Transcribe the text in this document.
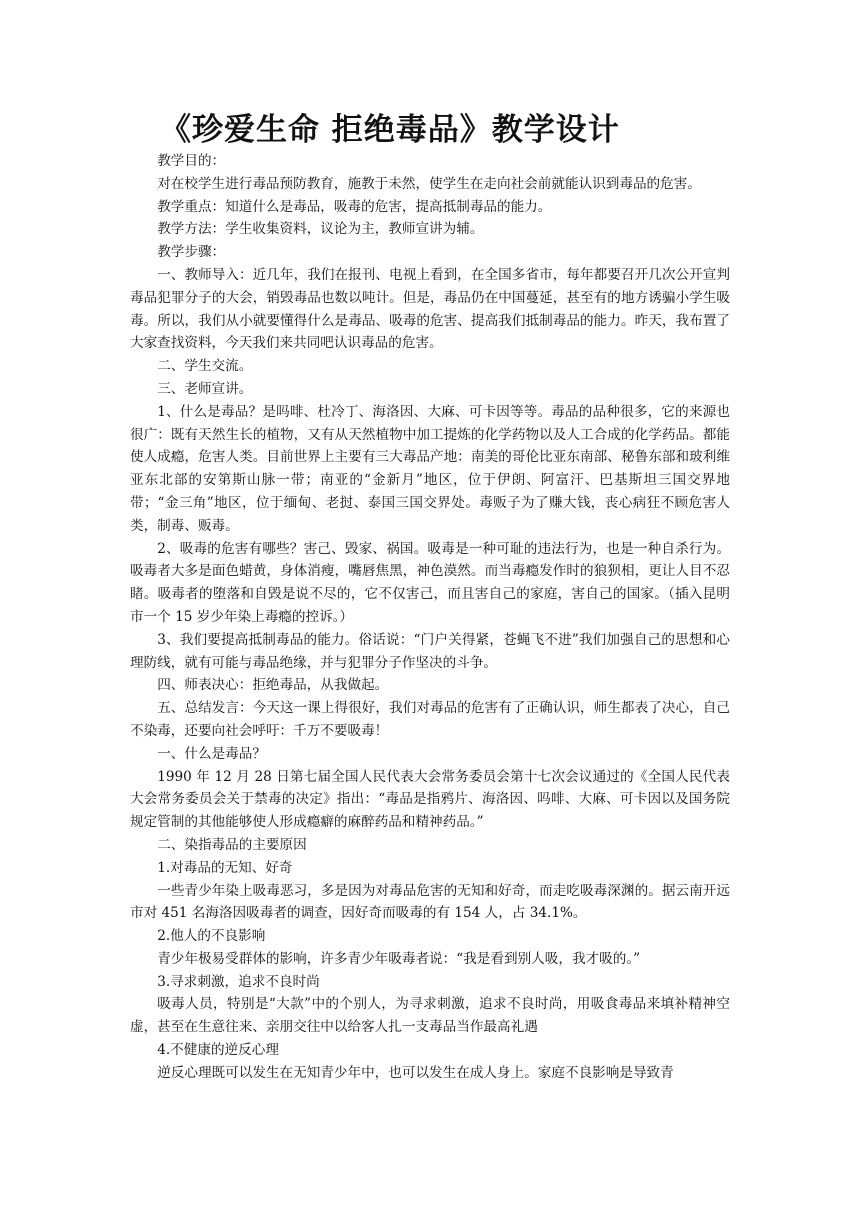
《珍爱生命 拒绝毒品》教学设计

教学目的：

对在校学生进行毒品预防教育，施教于未然，使学生在走向社会前就能认识到毒品的危害。

教学重点：知道什么是毒品，吸毒的危害，提高抵制毒品的能力。

教学方法：学生收集资料，议论为主，教师宣讲为辅。

教学步骤：

一、教师导入：近几年，我们在报刊、电视上看到，在全国多省市，每年都要召开几次公开宣判毒品犯罪分子的大会，销毁毒品也数以吨计。但是，毒品仍在中国蔓延，甚至有的地方诱骗小学生吸毒。所以，我们从小就要懂得什么是毒品、吸毒的危害、提高我们抵制毒品的能力。昨天，我布置了大家查找资料，今天我们来共同吧认识毒品的危害。

二、学生交流。

三、老师宣讲。

1、什么是毒品？是吗啡、杜冷丁、海洛因、大麻、可卡因等等。毒品的品种很多，它的来源也很广：既有天然生长的植物，又有从天然植物中加工提炼的化学药物以及人工合成的化学药品。都能使人成瘾，危害人类。目前世界上主要有三大毒品产地：南美的哥伦比亚东南部、秘鲁东部和玻利维亚东北部的安第斯山脉一带；南亚的“金新月”地区，位于伊朗、阿富汗、巴基斯坦三国交界地带；“金三角”地区，位于缅甸、老挝、泰国三国交界处。毒贩子为了赚大钱，丧心病狂不顾危害人类，制毒、贩毒。

2、吸毒的危害有哪些？害己、毁家、祸国。吸毒是一种可耻的违法行为，也是一种自杀行为。吸毒者大多是面色蜡黄，身体消瘦，嘴唇焦黑，神色漠然。而当毒瘾发作时的狼狈相，更让人目不忍睹。吸毒者的堕落和自毁是说不尽的，它不仅害己，而且害自己的家庭，害自己的国家。（插入昆明市一个 15 岁少年染上毒瘾的控诉。）

3、我们要提高抵制毒品的能力。俗话说：“门户关得紧，苍蝇飞不进”我们加强自己的思想和心理防线，就有可能与毒品绝缘，并与犯罪分子作坚决的斗争。

四、师表决心：拒绝毒品，从我做起。

五、总结发言：今天这一课上得很好，我们对毒品的危害有了正确认识，师生都表了决心，自己不染毒，还要向社会呼吁：千万不要吸毒！

一、什么是毒品？

1990 年 12 月 28 日第七届全国人民代表大会常务委员会第十七次会议通过的《全国人民代表大会常务委员会关于禁毒的决定》指出：“毒品是指鸦片、海洛因、吗啡、大麻、可卡因以及国务院规定管制的其他能够使人形成瘾癖的麻醉药品和精神药品。”

二、染指毒品的主要原因

1.对毒品的无知、好奇

一些青少年染上吸毒恶习，多是因为对毒品危害的无知和好奇，而走吃吸毒深渊的。据云南开远市对 451 名海洛因吸毒者的调查，因好奇而吸毒的有 154 人，占 34.1%。

2.他人的不良影响

青少年极易受群体的影响，许多青少年吸毒者说：“我是看到别人吸，我才吸的。”

3.寻求刺激，追求不良时尚

吸毒人员，特别是“大款”中的个别人，为寻求刺激，追求不良时尚，用吸食毒品来填补精神空虚，甚至在生意往来、亲朋交往中以给客人扎一支毒品当作最高礼遇

4.不健康的逆反心理

逆反心理既可以发生在无知青少年中，也可以发生在成人身上。家庭不良影响是导致青
